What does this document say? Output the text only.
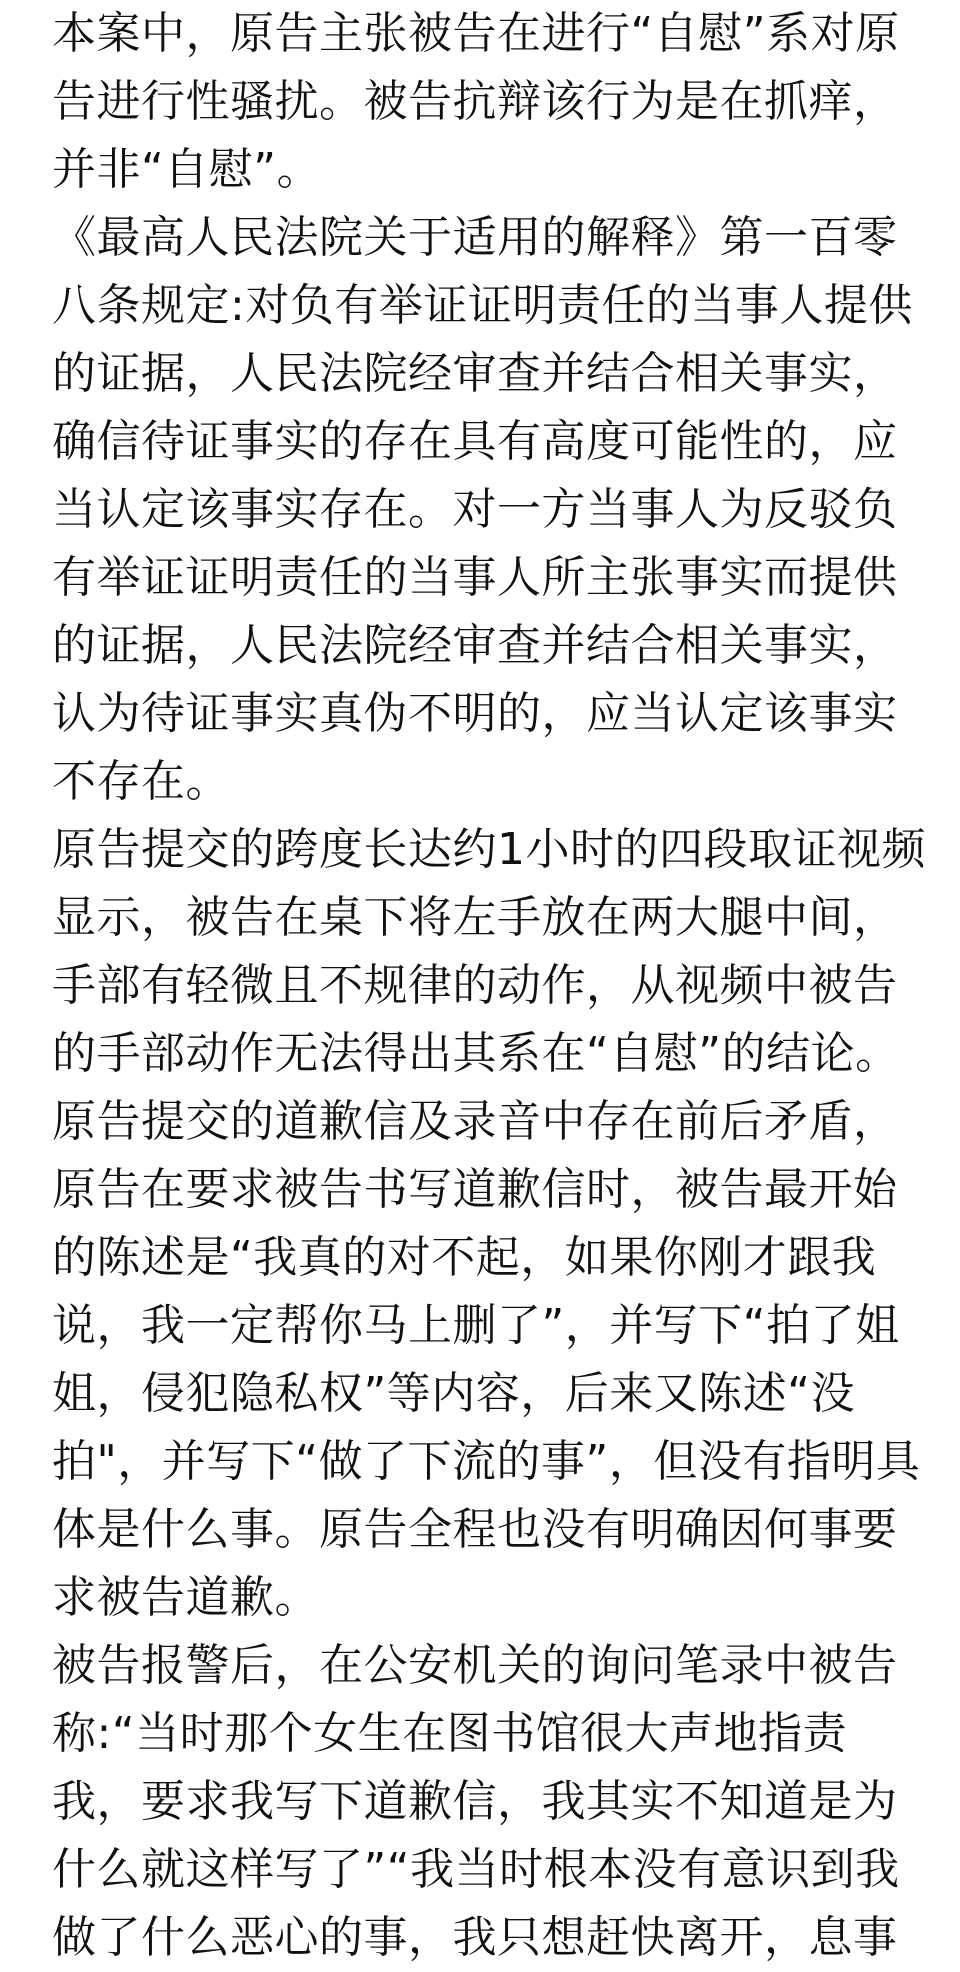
本案中，原告主张被告在进行“自慰”系对原
告进行性骚扰。被告抗辩该行为是在抓痒，
并非“自慰”。
《最高人民法院关于适用的解释》第一百零
八条规定:对负有举证证明责任的当事人提供
的证据，人民法院经审查并结合相关事实，
确信待证事实的存在具有高度可能性的，应
当认定该事实存在。对一方当事人为反驳负
有举证证明责任的当事人所主张事实而提供
的证据，人民法院经审查并结合相关事实，
认为待证事实真伪不明的，应当认定该事实
不存在。
原告提交的跨度长达约1小时的四段取证视频
显示，被告在桌下将左手放在两大腿中间，
手部有轻微且不规律的动作，从视频中被告
的手部动作无法得出其系在“自慰”的结论。
原告提交的道歉信及录音中存在前后矛盾，
原告在要求被告书写道歉信时，被告最开始
的陈述是“我真的对不起，如果你刚才跟我
说，我一定帮你马上删了”，并写下“拍了姐
姐，侵犯隐私权”等内容，后来又陈述“没
拍"，并写下“做了下流的事”，但没有指明具
体是什么事。原告全程也没有明确因何事要
求被告道歉。
被告报警后，在公安机关的询问笔录中被告
称:“当时那个女生在图书馆很大声地指责
我，要求我写下道歉信，我其实不知道是为
什么就这样写了”“我当时根本没有意识到我
做了什么恶心的事，我只想赶快离开，息事
